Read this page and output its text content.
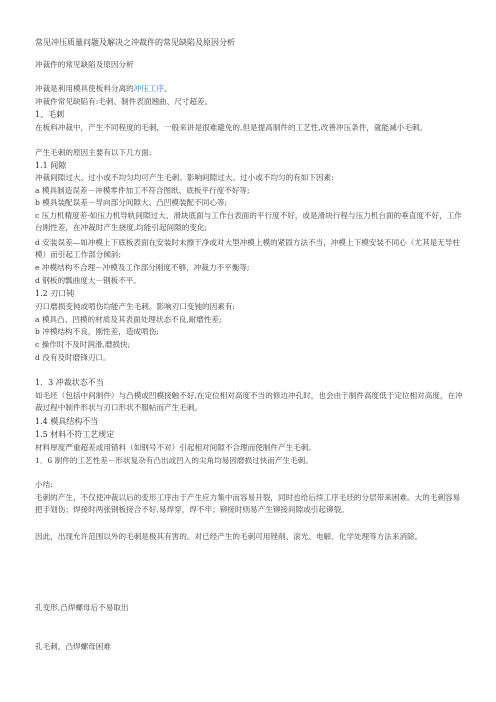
常见冲压质量问题及解决之冲裁件的常见缺陷及原因分析

冲裁件的常见缺陷及原因分析

冲裁是利用模具使板料分离的冲压工序。

冲裁件常见缺陷有:毛刺、制件表面翘曲、尺寸超差。

1、毛刺

在板料冲裁中，产生不同程度的毛刺，一般来讲是很难避免的,但是提高制件的工艺性,改善冲压条件，就能减小毛刺。

产生毛刺的原因主要有以下几方面:

1.1 间隙

冲裁间隙过大、过小或不均匀均可产生毛刺。影响间隙过大、过小或不均匀的有如下因素:

a 模具制造误差－冲模零件加工不符合图纸、底板平行度不好等;

b 模具装配误差－导向部分间隙大、凸凹模装配不同心等;

c 压力机精度差-如压力机导轨间隙过大、滑块底面与工作台表面的平行度不好，或是滑块行程与压力机台面的垂直度不好，工作台刚性差，在冲裁时产生挠度,均能引起间隙的变化;

d 安装误差—如冲模上下底板表面在安装时未擦干净或对大型冲模上模的紧固方法不当，冲模上下模安装不同心（尤其是无导柱模）而引起工作部分倾斜;

e 冲模结构不合理－冲模及工作部分刚度不够，冲裁力不平衡等;

d 钢板的瓢曲度大－钢板不平。

1.2 刃口钝

刃口磨损变钝或啃伤均能产生毛刺。影响刃口变钝的因素有:

a 模具凸、凹模的材质及其表面处理状态不良,耐磨性差;

b 冲模结构不良，刚性差，造成啃伤;

c 操作时不及时润滑,磨损快;

d 没有及时磨锋刃口。

1．3 冲裁状态不当

如毛坯（包括中间制件）与凸模或凹模接触不好,在定位相对高度不当的修边冲孔时，也会由于制件高度低于定位相对高度，在冲裁过程中制件形状与刃口形状不服帖而产生毛刺。

1.4 模具结构不当

1.5 材料不符工艺规定

材料厚度严重超差或用错料（如钢号不对）引起相对间隙不合理而使制件产生毛刺。

1．6 制件的工艺性差－形状复杂有凸出或凹入的尖角均易因磨损过快而产生毛刺。

小结:

毛刺的产生，不仅使冲裁以后的变形工序由于产生应力集中而容易开裂，同时也给后续工序毛坯的分层带来困难。大的毛刺容易把手划伤；焊接时两张钢板接合不好,易焊穿，焊不牢；铆接时则易产生铆接间隙或引起铆裂。

因此，出现允许范围以外的毛刺是极其有害的。对已经产生的毛刺可用锉削、滚光、电解、化学处理等方法来消除。

孔变形,凸焊螺母后不易取出

孔毛刺，凸焊螺母困难
